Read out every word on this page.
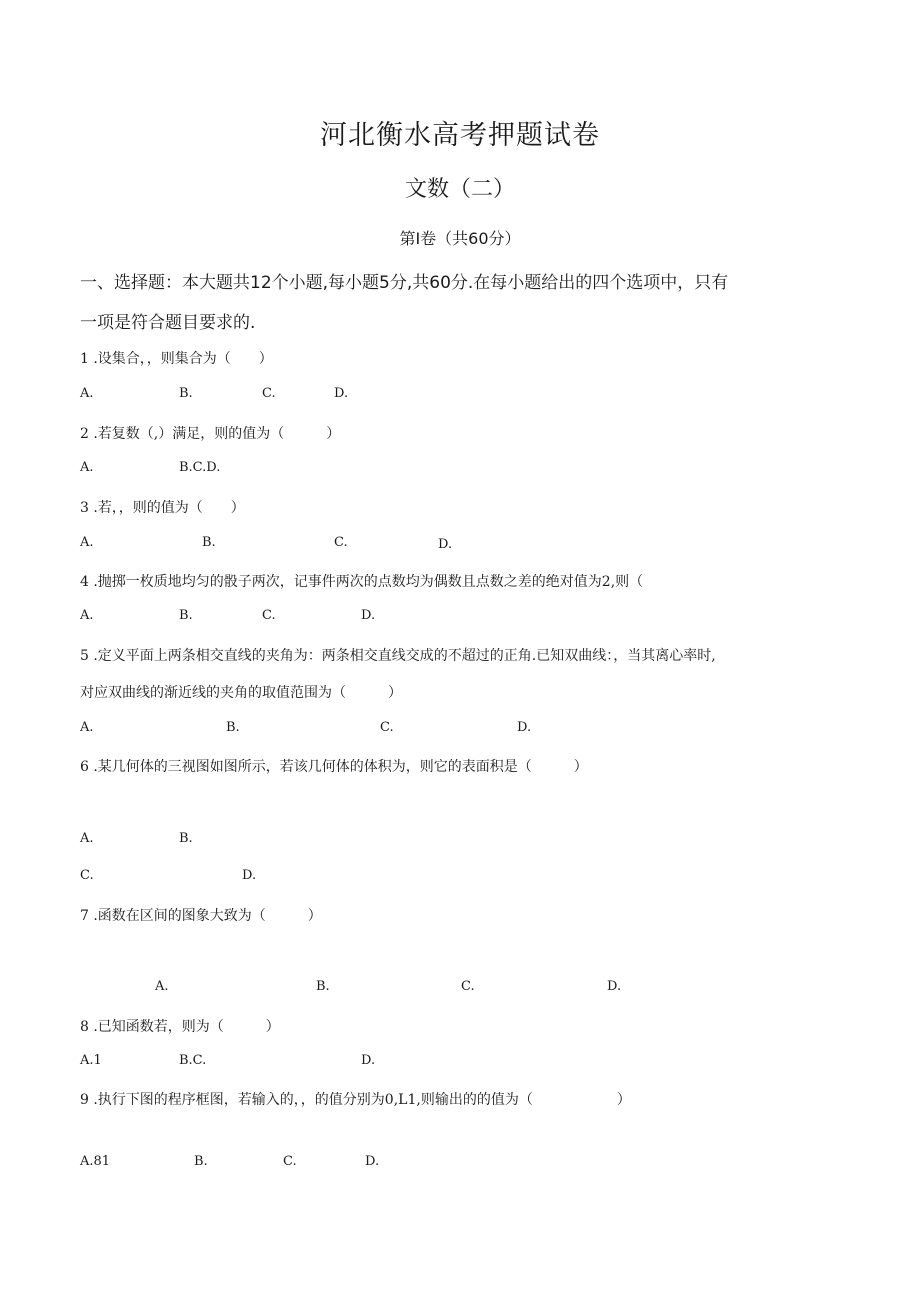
河北衡水高考押题试卷
文数（二）
第Ⅰ卷（共60分）
一、选择题：本大题共12个小题,每小题5分,共60分.在每小题给出的四个选项中，只有
一项是符合题目要求的.
1 .设集合，，则集合为（　　）
A.	B.	C.	D.
2 .若复数（,）满足，则的值为（　　　）
A.	B.C.D.
3 .若，，则的值为（　　）
A.	B.	C.	D.
4 .抛掷一枚质地均匀的骰子两次，记事件两次的点数均为偶数且点数之差的绝对值为2,则（
A.	B.	C.	D.
5 .定义平面上两条相交直线的夹角为：两条相交直线交成的不超过的正角.已知双曲线：，当其离心率时,
对应双曲线的渐近线的夹角的取值范围为（　　　）
A.	B.	C.	D.
6 .某几何体的三视图如图所示，若该几何体的体积为，则它的表面积是（　　　）
A.	B.
C.	D.
7 .函数在区间的图象大致为（　　　）
A.	B.	C.	D.
8 .已知函数若，则为（　　　）
A.1	B.C.	D.
9 .执行下图的程序框图，若输入的，，的值分别为0,L1,则输出的的值为（　　　　　　）
A.81	B.	C.	D.
